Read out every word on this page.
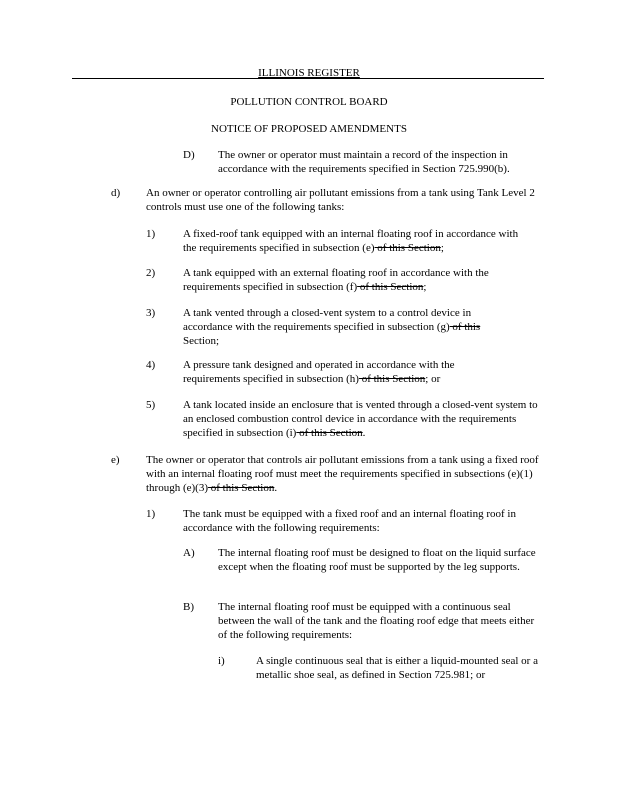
ILLINOIS REGISTER
POLLUTION CONTROL BOARD
NOTICE OF PROPOSED AMENDMENTS
D) The owner or operator must maintain a record of the inspection in accordance with the requirements specified in Section 725.990(b).
d) An owner or operator controlling air pollutant emissions from a tank using Tank Level 2 controls must use one of the following tanks:
1)	A fixed-roof tank equipped with an internal floating roof in accordance with the requirements specified in subsection (e) of this Section;
2)	A tank equipped with an external floating roof in accordance with the requirements specified in subsection (f) of this Section;
3)	A tank vented through a closed-vent system to a control device in accordance with the requirements specified in subsection (g) of this Section;
4)	A pressure tank designed and operated in accordance with the requirements specified in subsection (h) of this Section; or
5)	A tank located inside an enclosure that is vented through a closed-vent system to an enclosed combustion control device in accordance with the requirements specified in subsection (i) of this Section.
e) The owner or operator that controls air pollutant emissions from a tank using a fixed roof with an internal floating roof must meet the requirements specified in subsections (e)(1) through (e)(3) of this Section.
1)	The tank must be equipped with a fixed roof and an internal floating roof in accordance with the following requirements:
A) The internal floating roof must be designed to float on the liquid surface except when the floating roof must be supported by the leg supports.
B) The internal floating roof must be equipped with a continuous seal between the wall of the tank and the floating roof edge that meets either of the following requirements:
i)	A single continuous seal that is either a liquid-mounted seal or a metallic shoe seal, as defined in Section 725.981; or
